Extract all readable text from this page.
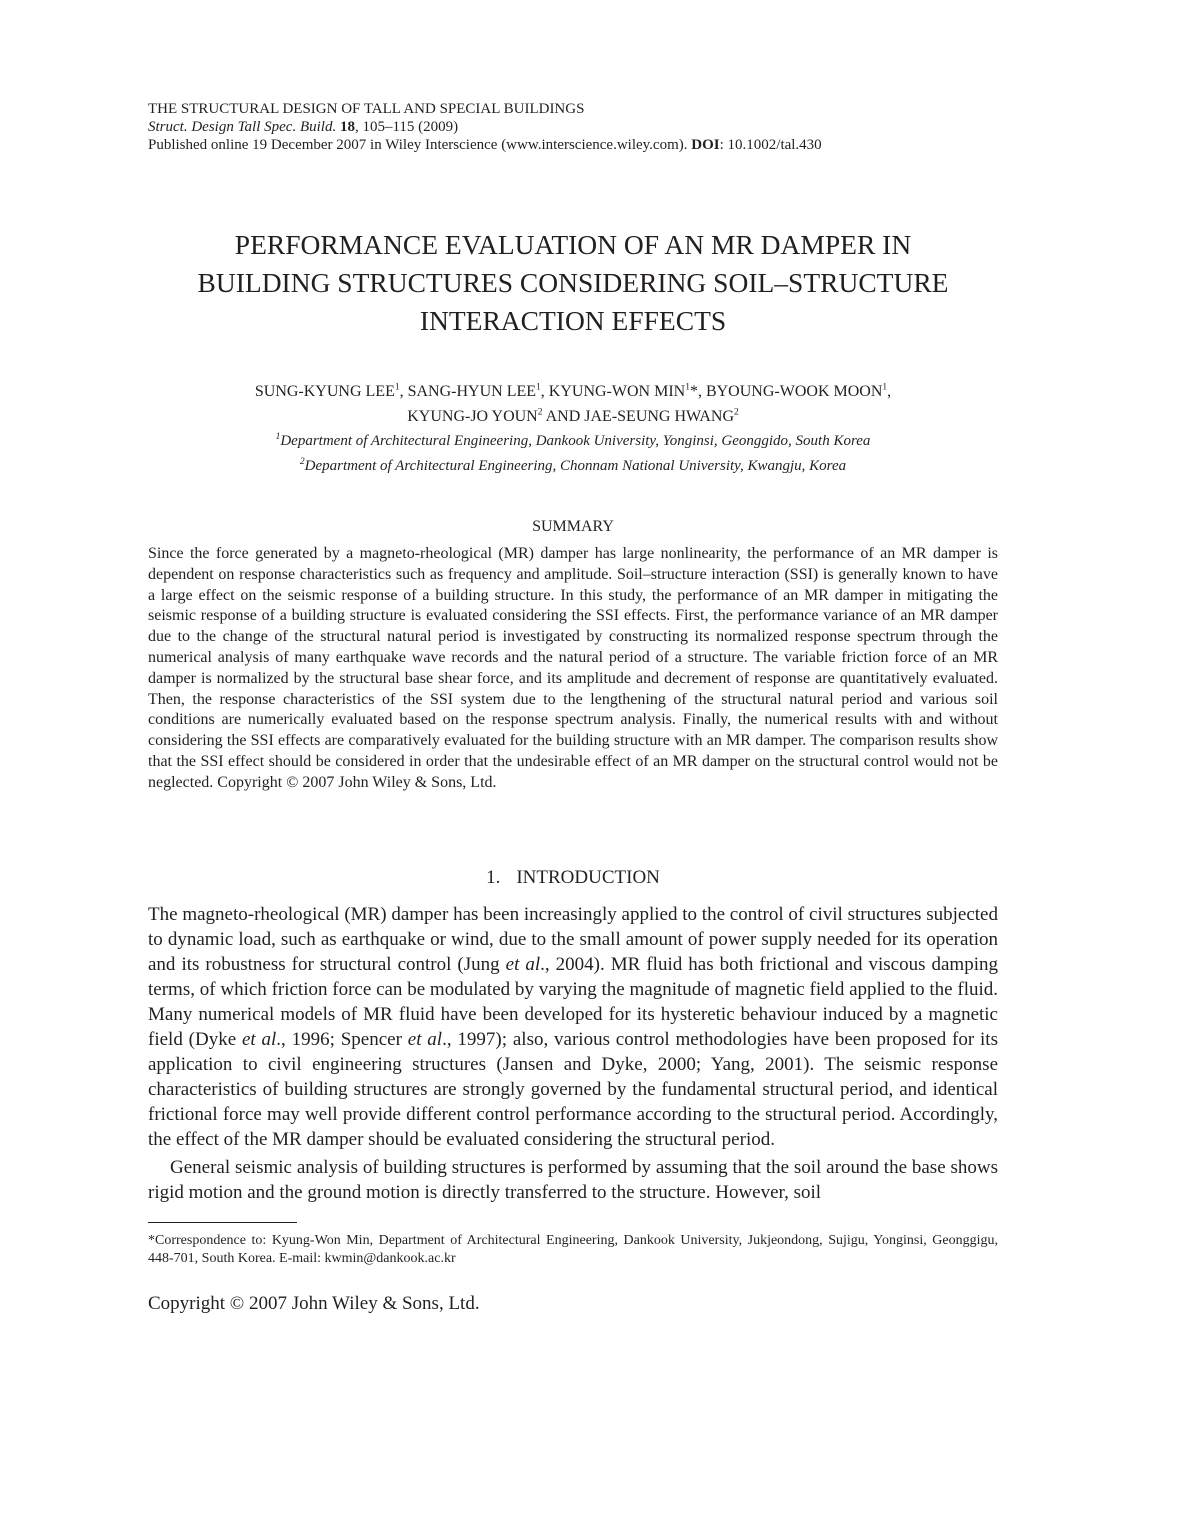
THE STRUCTURAL DESIGN OF TALL AND SPECIAL BUILDINGS
Struct. Design Tall Spec. Build. 18, 105–115 (2009)
Published online 19 December 2007 in Wiley Interscience (www.interscience.wiley.com). DOI: 10.1002/tal.430
PERFORMANCE EVALUATION OF AN MR DAMPER IN
BUILDING STRUCTURES CONSIDERING SOIL–STRUCTURE
INTERACTION EFFECTS
SUNG-KYUNG LEE$^1$, SANG-HYUN LEE$^1$, KYUNG-WON MIN$^1$*, BYOUNG-WOOK MOON$^1$,
KYUNG-JO YOUN$^2$ AND JAE-SEUNG HWANG$^2$
$^1$Department of Architectural Engineering, Dankook University, Yonginsi, Geonggido, South Korea
$^2$Department of Architectural Engineering, Chonnam National University, Kwangju, Korea
SUMMARY
Since the force generated by a magneto-rheological (MR) damper has large nonlinearity, the performance of an MR damper is dependent on response characteristics such as frequency and amplitude. Soil–structure interaction (SSI) is generally known to have a large effect on the seismic response of a building structure. In this study, the performance of an MR damper in mitigating the seismic response of a building structure is evaluated considering the SSI effects. First, the performance variance of an MR damper due to the change of the structural natural period is investigated by constructing its normalized response spectrum through the numerical analysis of many earthquake wave records and the natural period of a structure. The variable friction force of an MR damper is normalized by the structural base shear force, and its amplitude and decrement of response are quantitatively evaluated. Then, the response characteristics of the SSI system due to the lengthening of the structural natural period and various soil conditions are numerically evaluated based on the response spectrum analysis. Finally, the numerical results with and without considering the SSI effects are comparatively evaluated for the building structure with an MR damper. The comparison results show that the SSI effect should be considered in order that the undesirable effect of an MR damper on the structural control would not be neglected. Copyright © 2007 John Wiley & Sons, Ltd.
1. INTRODUCTION

The magneto-rheological (MR) damper has been increasingly applied to the control of civil structures subjected to dynamic load, such as earthquake or wind, due to the small amount of power supply needed for its operation and its robustness for structural control (Jung et al., 2004). MR fluid has both frictional and viscous damping terms, of which friction force can be modulated by varying the magnitude of magnetic field applied to the fluid. Many numerical models of MR fluid have been developed for its hysteretic behaviour induced by a magnetic field (Dyke et al., 1996; Spencer et al., 1997); also, various control methodologies have been proposed for its application to civil engineering structures (Jansen and Dyke, 2000; Yang, 2001). The seismic response characteristics of building structures are strongly governed by the fundamental structural period, and identical frictional force may well provide different control performance according to the structural period. Accordingly, the effect of the MR damper should be evaluated considering the structural period.

General seismic analysis of building structures is performed by assuming that the soil around the base shows rigid motion and the ground motion is directly transferred to the structure. However, soil

*Correspondence to: Kyung-Won Min, Department of Architectural Engineering, Dankook University, Jukjeondong, Sujigu, Yonginsi, Geonggigu, 448-701, South Korea. E-mail: kwmin@dankook.ac.kr
Copyright © 2007 John Wiley & Sons, Ltd.
